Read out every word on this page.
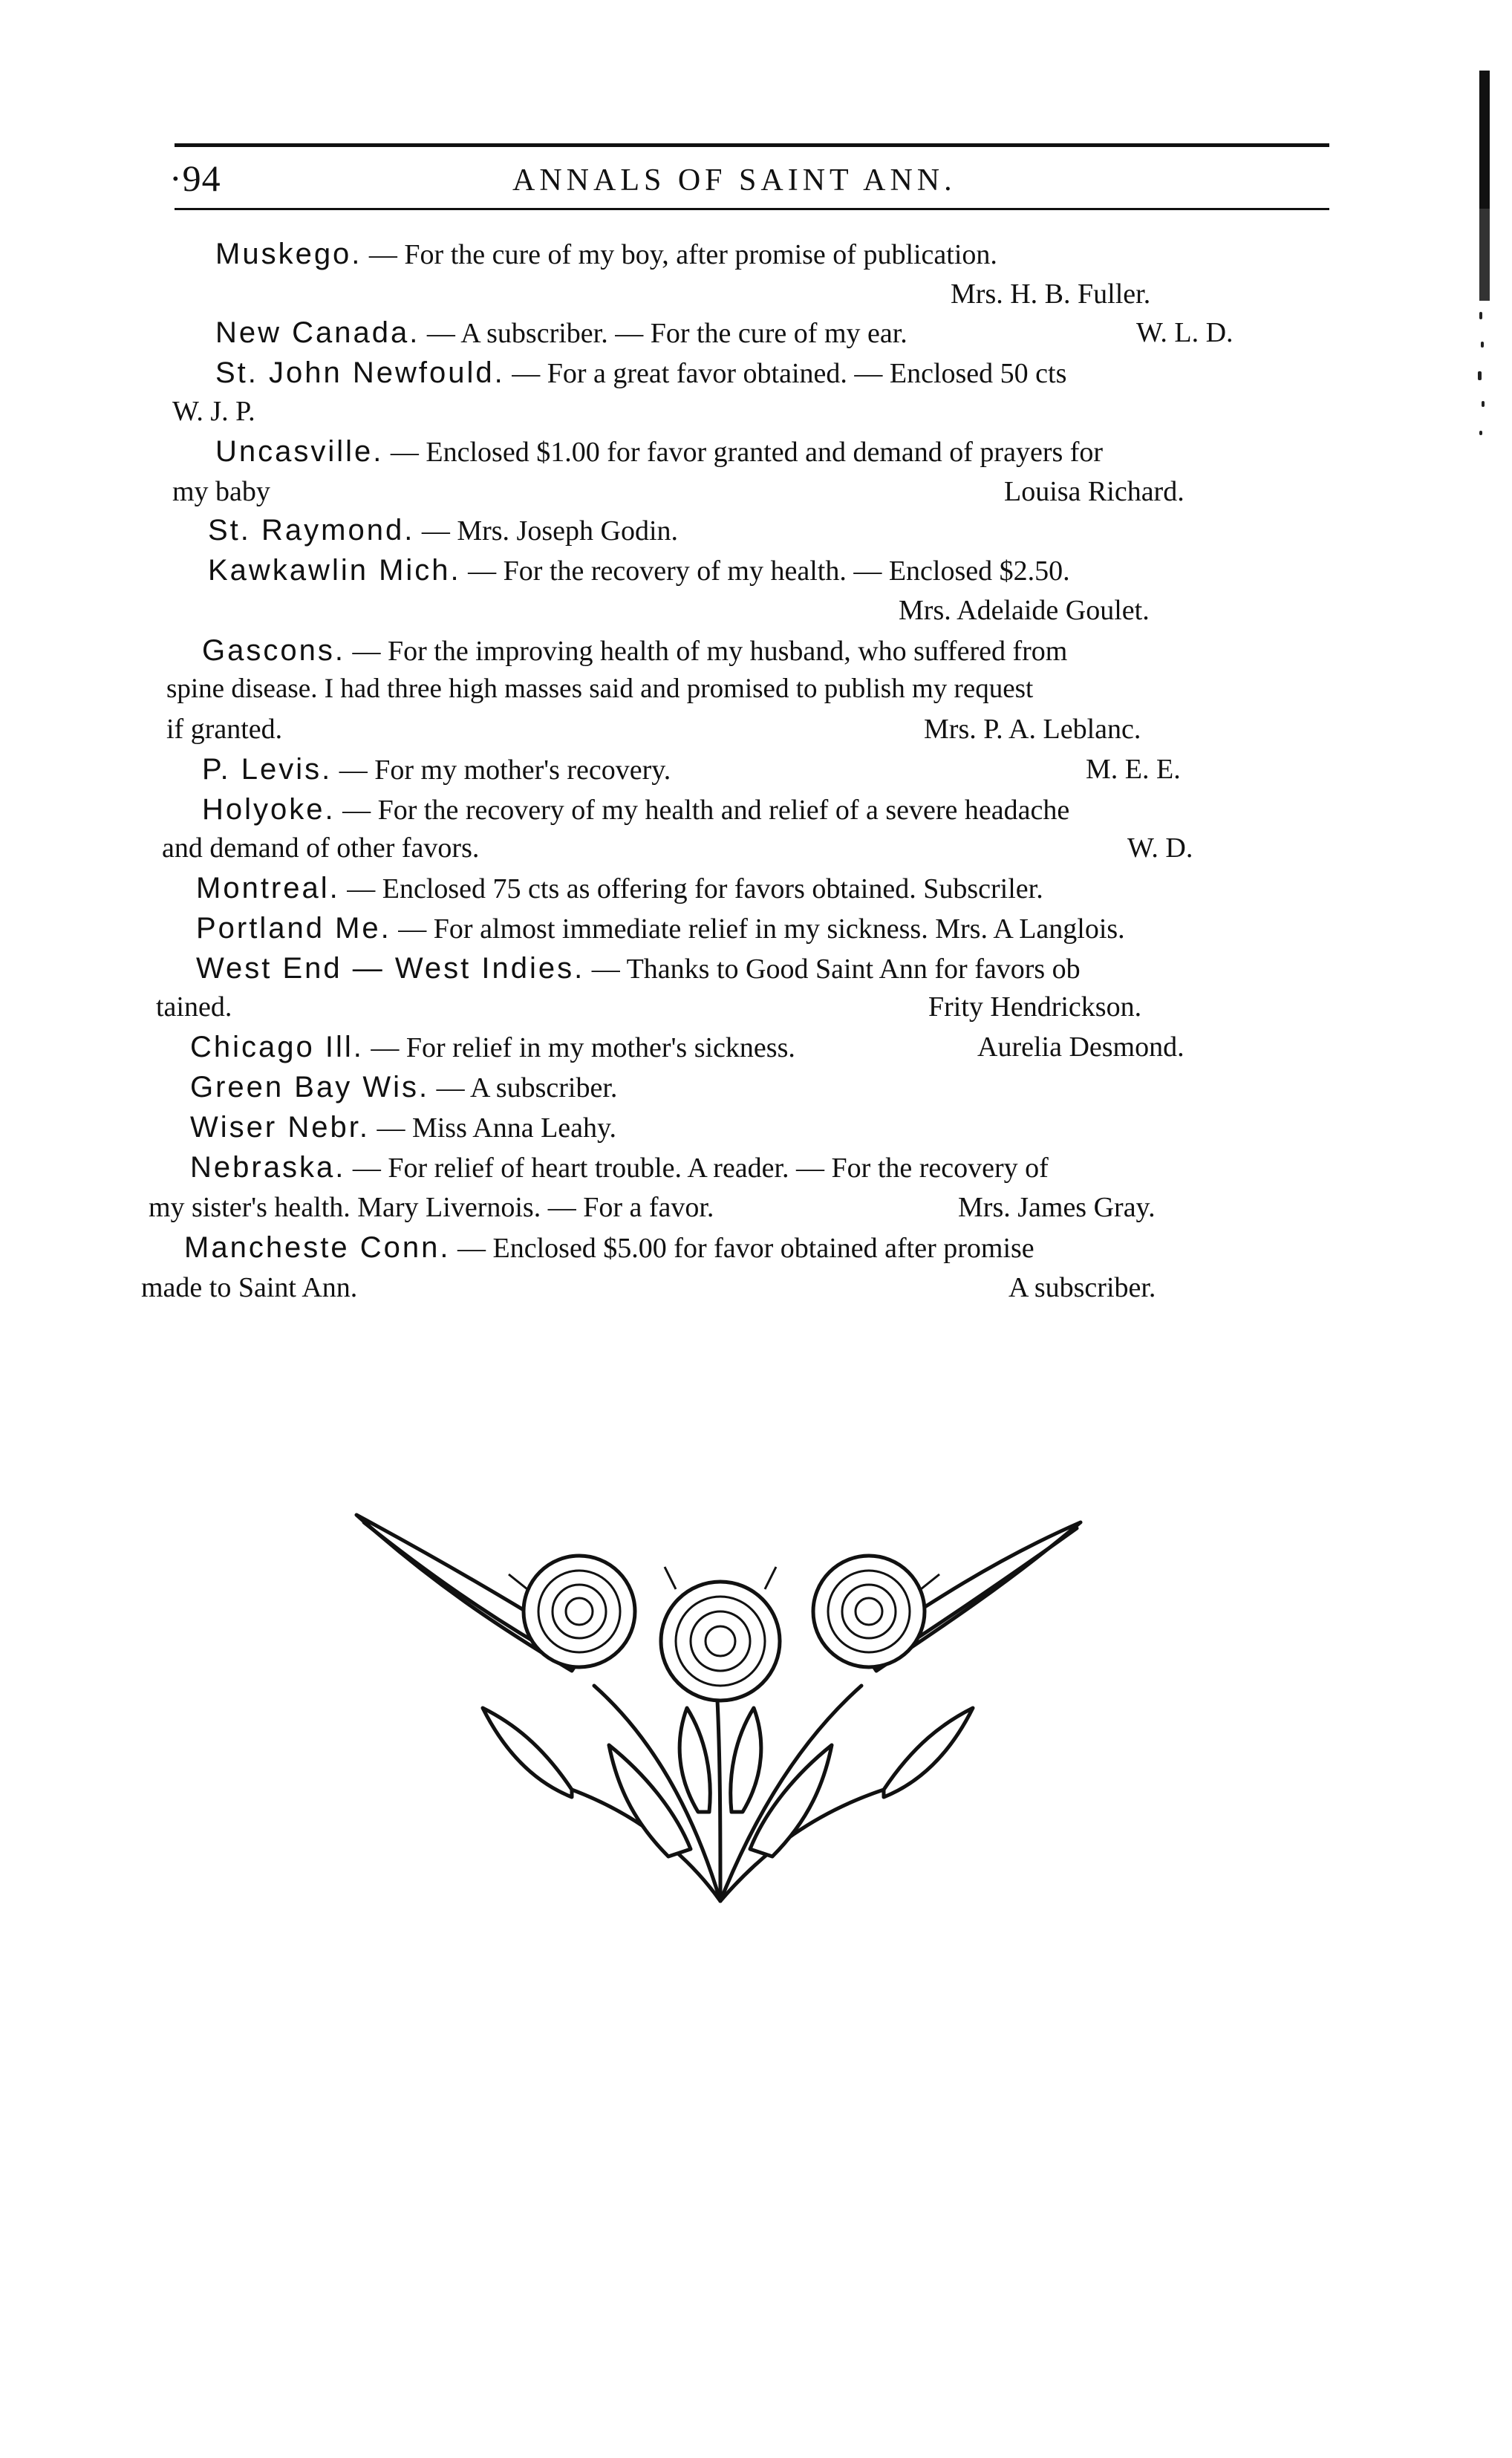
·94	ANNALS OF SAINT ANN.
Muskego. — For the cure of my boy, after promise of publication.
Mrs. H. B. Fuller.
New Canada. — A subscriber. — For the cure of my ear.	W. L. D.
St. John Newfould. — For a great favor obtained. — Enclosed 50 cts
W. J. P.
Uncasville. — Enclosed $1.00 for favor granted and demand of prayers for
my baby	Louisa Richard.
St. Raymond. — Mrs. Joseph Godin.
Kawkawlin Mich. — For the recovery of my health. — Enclosed $2.50.
Mrs. Adelaide Goulet.
Gascons. — For the improving health of my husband, who suffered from
spine disease. I had three high masses said and promised to publish my request
if granted.	Mrs. P. A. Leblanc.
P. Levis. — For my mother's recovery.	M. E. E.
Holyoke. — For the recovery of my health and relief of a severe headache
and demand of other favors.	W. D.
Montreal. — Enclosed 75 cts as offering for favors obtained. Subscriler.
Portland Me. — For almost immediate relief in my sickness. Mrs. A Langlois.
West End — West Indies. — Thanks to Good Saint Ann for favors ob
tained.	Frity Hendrickson.
Chicago Ill. — For relief in my mother's sickness.	Aurelia Desmond.
Green Bay Wis. — A subscriber.
Wiser Nebr. — Miss Anna Leahy.
Nebraska. — For relief of heart trouble. A reader. — For the recovery of
my sister's health. Mary Livernois. — For a favor.	Mrs. James Gray.
Mancheste Conn. — Enclosed $5.00 for favor obtained after promise
made to Saint Ann.	A subscriber.
